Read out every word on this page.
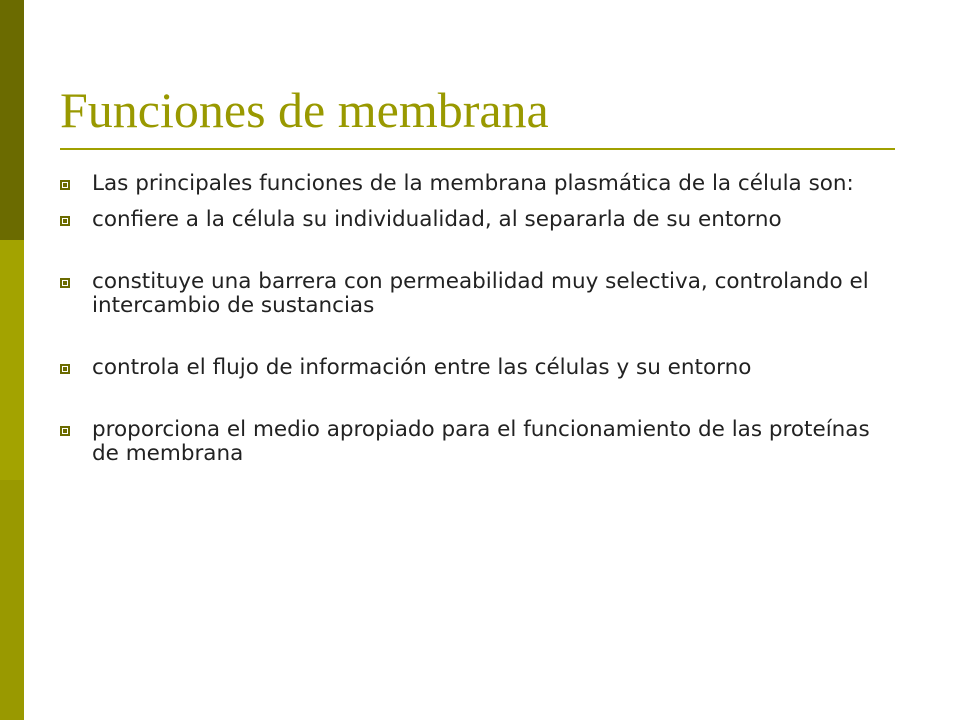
Funciones de membrana
Las principales funciones de la membrana plasmática de la célula son:
confiere a la célula su individualidad, al separarla de su entorno
constituye una barrera con permeabilidad muy selectiva, controlando el intercambio de sustancias
controla el flujo de información entre las células y su entorno
proporciona el medio apropiado para el funcionamiento de las proteínas de membrana
